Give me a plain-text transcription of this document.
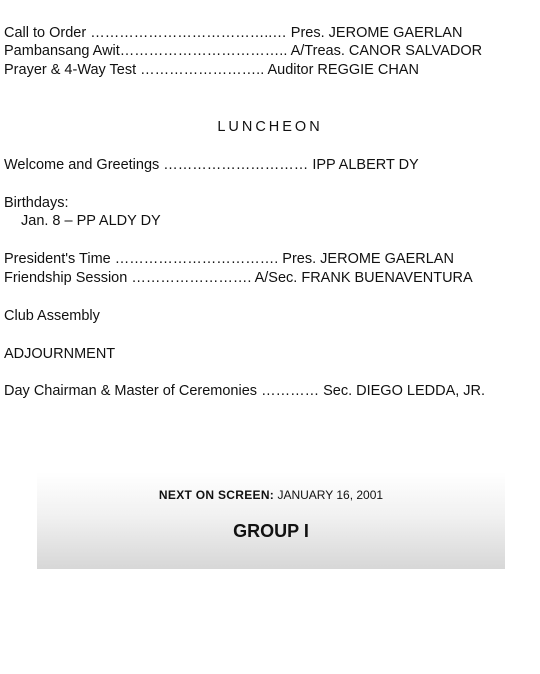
Call to Order ………………………………..… Pres. JEROME GAERLAN
Pambansang Awit…………………………….. A/Treas. CANOR SALVADOR
Prayer & 4-Way Test …………………….. Auditor REGGIE CHAN
LUNCHEON
Welcome and Greetings ………………………… IPP ALBERT DY
Birthdays:
Jan. 8 – PP ALDY DY
President's Time ……………………………. Pres. JEROME GAERLAN
Friendship Session ……………………. A/Sec. FRANK BUENAVENTURA
Club Assembly
ADJOURNMENT
Day Chairman & Master of Ceremonies ………… Sec. DIEGO LEDDA, JR.
NEXT ON SCREEN: JANUARY 16, 2001
GROUP I
